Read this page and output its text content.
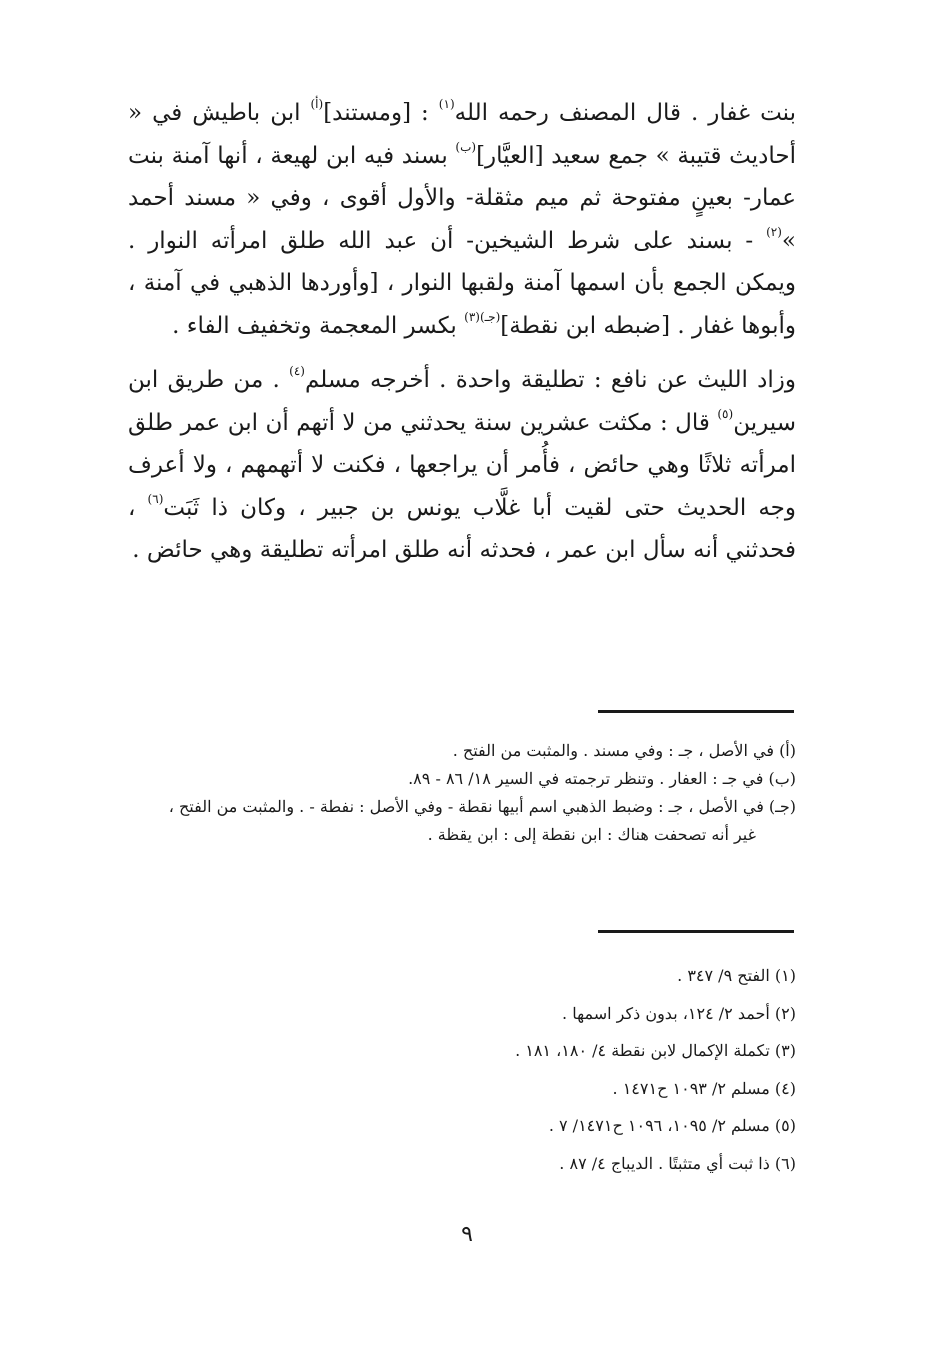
بنت غفار . قال المصنف رحمه الله$^{(١)}$ : [ومستند]$^{(أ)}$ ابن باطيش في « أحاديث قتيبة » جمع سعيد [العيَّار]$^{(ب)}$ بسند فيه ابن لهيعة ، أنها آمنة بنت عمار- بعينٍ مفتوحة ثم ميم مثقلة- والأول أقوى ، وفي « مسند أحمد »$^{(٢)}$ - بسند على شرط الشيخين- أن عبد الله طلق امرأته النوار . ويمكن الجمع بأن اسمها آمنة ولقبها النوار ، [وأوردها الذهبي في آمنة ، وأبوها غفار . [ضبطه ابن نقطة]$^{(جـ)(٣)}$ بكسر المعجمة وتخفيف الفاء .

وزاد الليث عن نافع : تطليقة واحدة . أخرجه مسلم$^{(٤)}$ . من طريق ابن سيرين$^{(٥)}$ قال : مكثت عشرين سنة يحدثني من لا أتهم أن ابن عمر طلق امرأته ثلاثًا وهي حائض ، فأُمر أن يراجعها ، فكنت لا أتهمهم ، ولا أعرف وجه الحديث حتى لقيت أبا غلَّاب يونس بن جبير ، وكان ذا ثَبَت$^{(٦)}$ ، فحدثني أنه سأل ابن عمر ، فحدثه أنه طلق امرأته تطليقة وهي حائض .

(أ) في الأصل ، جـ : وفي مسند . والمثبت من الفتح .
(ب) في جـ : العفار . وتنظر ترجمته في السير ١٨/ ٨٦ - ٨٩.
(جـ) في الأصل ، جـ : وضبط الذهبي اسم أبيها نقطة - وفي الأصل : نفطة - . والمثبت من الفتح ،
غير أنه تصحفت هناك : ابن نقطة إلى : ابن يقظة .
(١) الفتح ٩/ ٣٤٧ .
(٢) أحمد ٢/ ١٢٤، بدون ذكر اسمها .
(٣) تكملة الإكمال لابن نقطة ٤/ ١٨٠، ١٨١ .
(٤) مسلم ٢/ ١٠٩٣ ح١٤٧١ .
(٥) مسلم ٢/ ١٠٩٥، ١٠٩٦ ح١٤٧١/ ٧ .
(٦) ذا ثبت أي متثبتًا . الديباج ٤/ ٨٧ .
٩
